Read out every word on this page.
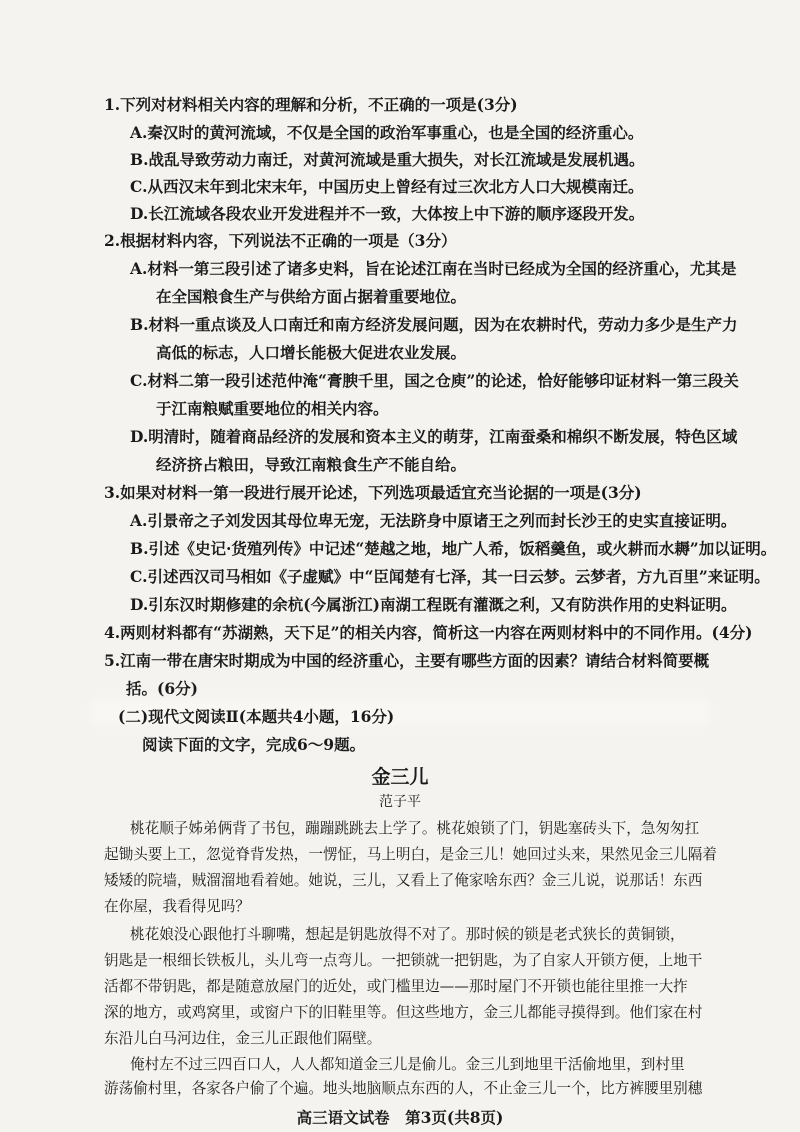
1.下列对材料相关内容的理解和分析，不正确的一项是(3分)
A.秦汉时的黄河流域，不仅是全国的政治军事重心，也是全国的经济重心。
B.战乱导致劳动力南迁，对黄河流域是重大损失，对长江流域是发展机遇。
C.从西汉末年到北宋末年，中国历史上曾经有过三次北方人口大规模南迁。
D.长江流域各段农业开发进程并不一致，大体按上中下游的顺序逐段开发。
2.根据材料内容，下列说法不正确的一项是（3分）
A.材料一第三段引述了诸多史料，旨在论述江南在当时已经成为全国的经济重心，尤其是
在全国粮食生产与供给方面占据着重要地位。
B.材料一重点谈及人口南迁和南方经济发展问题，因为在农耕时代，劳动力多少是生产力
高低的标志，人口增长能极大促进农业发展。
C.材料二第一段引述范仲淹“膏腴千里，国之仓庾”的论述，恰好能够印证材料一第三段关
于江南粮赋重要地位的相关内容。
D.明清时，随着商品经济的发展和资本主义的萌芽，江南蚕桑和棉织不断发展，特色区域
经济挤占粮田，导致江南粮食生产不能自给。
3.如果对材料一第一段进行展开论述，下列选项最适宜充当论据的一项是(3分)
A.引景帝之子刘发因其母位卑无宠，无法跻身中原诸王之列而封长沙王的史实直接证明。
B.引述《史记·货殖列传》中记述“楚越之地，地广人希，饭稻羹鱼，或火耕而水耨”加以证明。
C.引述西汉司马相如《子虚赋》中“臣闻楚有七泽，其一曰云梦。云梦者，方九百里”来证明。
D.引东汉时期修建的余杭(今属浙江)南湖工程既有灌溉之利，又有防洪作用的史料证明。
4.两则材料都有“苏湖熟，天下足”的相关内容，简析这一内容在两则材料中的不同作用。(4分)
5.江南一带在唐宋时期成为中国的经济重心，主要有哪些方面的因素？请结合材料简要概
括。(6分)
(二)现代文阅读Ⅱ(本题共4小题，16分)
阅读下面的文字，完成6～9题。
金三儿
范子平
桃花顺子姊弟俩背了书包，蹦蹦跳跳去上学了。桃花娘锁了门，钥匙塞砖头下，急匆匆扛
起锄头要上工，忽觉脊背发热，一愣怔，马上明白，是金三儿！她回过头来，果然见金三儿隔着
矮矮的院墙，贼溜溜地看着她。她说，三儿，又看上了俺家啥东西？金三儿说，说那话！东西
在你屋，我看得见吗？
桃花娘没心跟他打斗聊嘴，想起是钥匙放得不对了。那时候的锁是老式狭长的黄铜锁，
钥匙是一根细长铁板儿，头儿弯一点弯儿。一把锁就一把钥匙，为了自家人开锁方便，上地干
活都不带钥匙，都是随意放屋门的近处，或门槛里边——那时屋门不开锁也能往里推一大拃
深的地方，或鸡窝里，或窗户下的旧鞋里等。但这些地方，金三儿都能寻摸得到。他们家在村
东沿儿白马河边住，金三儿正跟他们隔壁。
俺村左不过三四百口人，人人都知道金三儿是偷儿。金三儿到地里干活偷地里，到村里
高三语文试卷　第3页(共8页)
游荡偷村里，各家各户偷了个遍。地头地脑顺点东西的人，不止金三儿一个，比方裤腰里别穗
